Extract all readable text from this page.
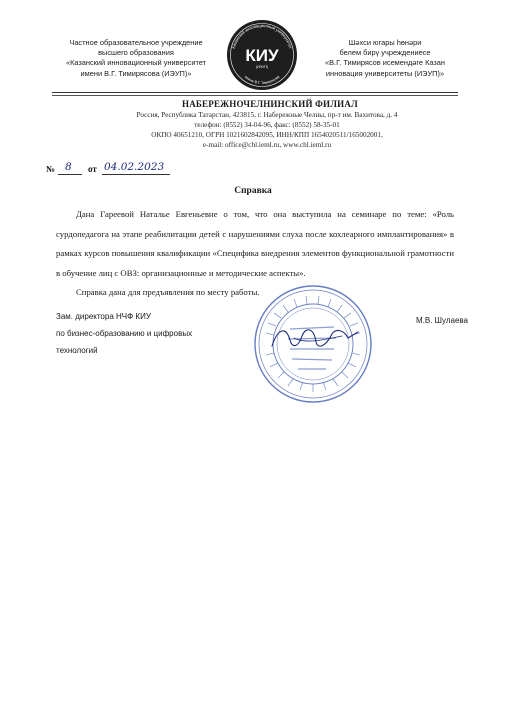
Частное образовательное учреждение
высшего образования
«Казанский инновационный университет
имени В.Г. Тимирясова (ИЭУП)»
Казанский инновационный университет
имени В.Г. Тимирясова
КИУ
(ИЭУП)
Шәхси югары һөнәри
белем бирү учреждениесе
«В.Г. Тимирясов исемендәге Казан
инновация университеты (ИЭУП)»
НАБЕРЕЖНОЧЕЛНИНСКИЙ ФИЛИАЛ
Россия, Республика Татарстан, 423815, г. Набережные Челны, пр-т им. Вахитова, д. 4
телефон: (8552) 34-04-96, факс: (8552) 58-35-01
ОКПО 40651210, ОГРН 1021602842095, ИНН/КПП 1654020511/165002001,
e-mail: office@chl.ieml.ru, www.chl.ieml.ru
№ 8 от 04.02.2023
Справка

Дана Гареевой Наталье Евгеньевне о том, что она выступила на семинаре по теме: «Роль сурдопедагога на этапе реабилитации детей с нарушениями слуха после кохлеарного имплантирования» в рамках курсов повышения квалификации «Специфика внедрения элементов функциональной грамотности в обучение лиц с ОВЗ: организационные и методические аспекты».

Справка дана для предъявления по месту работы.

Зам. директора НЧФ КИУ
по бизнес-образованию и цифровых
технологий
М.В. Шулаева
